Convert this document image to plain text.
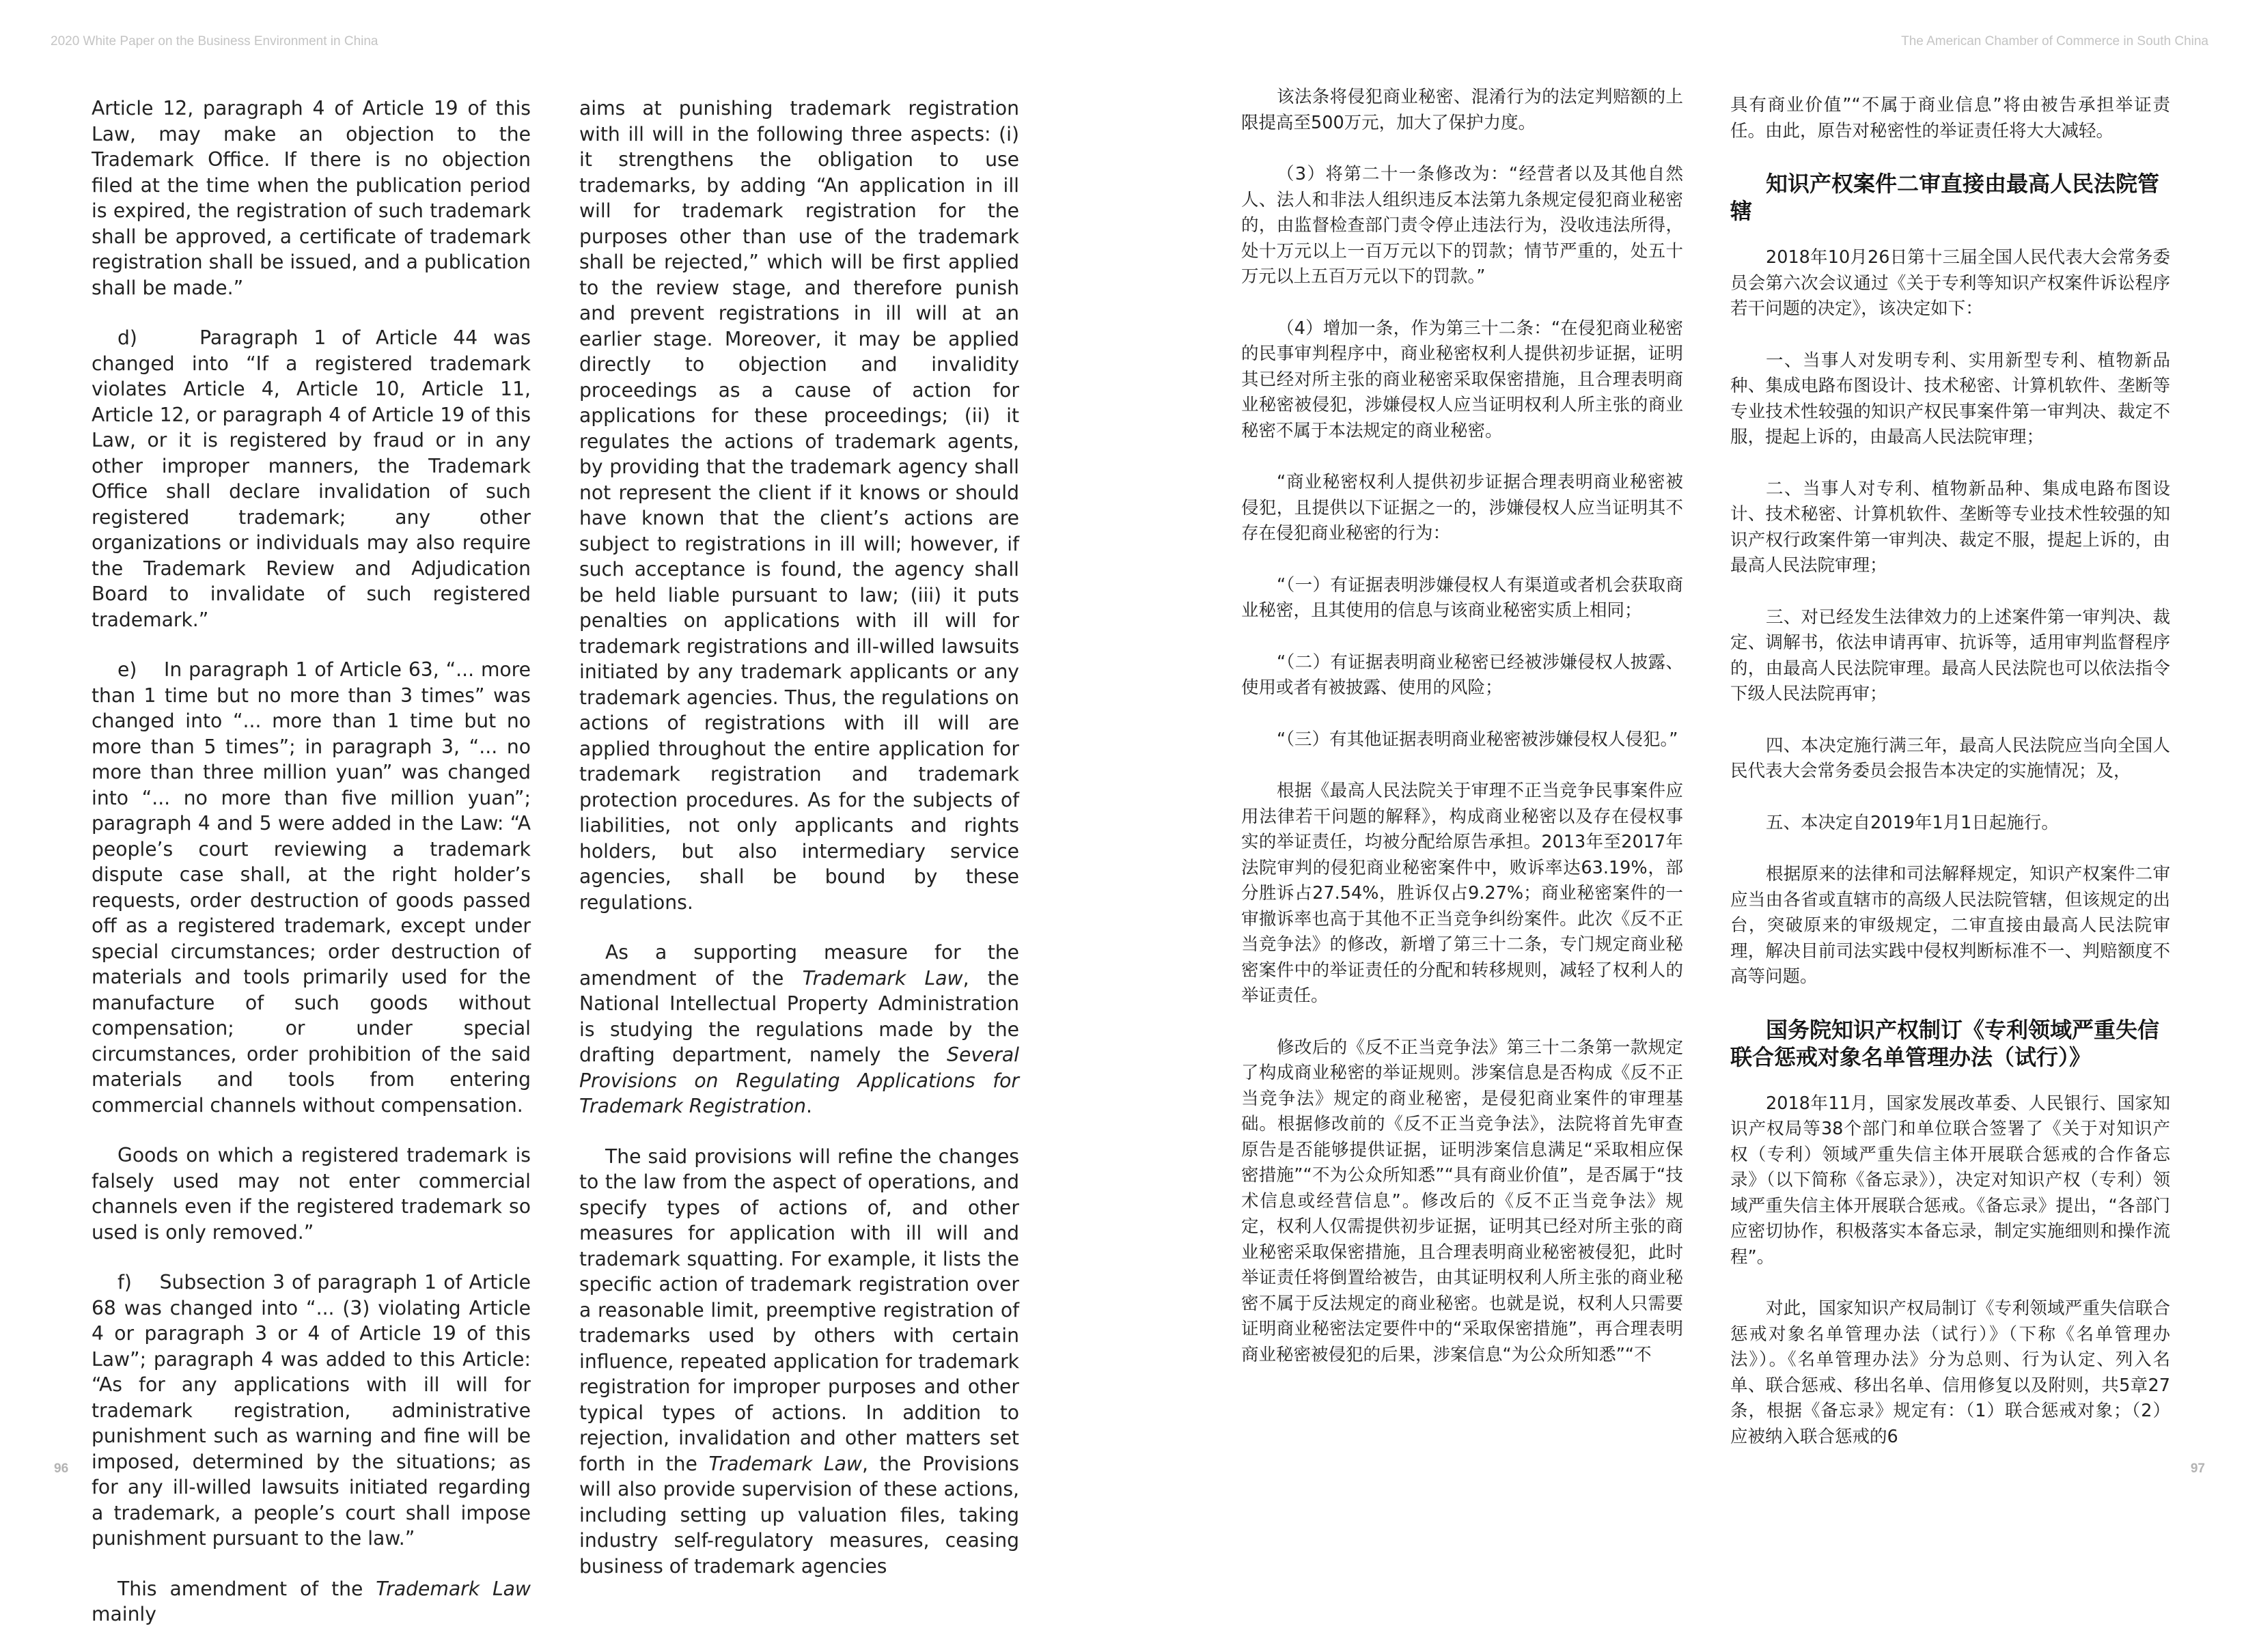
2020 White Paper on the Business Environment in China	The American Chamber of Commerce in South China

Article 12, paragraph 4 of Article 19 of this Law, may make an objection to the Trademark Office. If there is no objection filed at the time when the publication period is expired, the registration of such trademark shall be approved, a certificate of trademark registration shall be issued, and a publication shall be made.”

d)    Paragraph 1 of Article 44 was changed into “If a registered trademark violates Article 4, Article 10, Article 11, Article 12, or paragraph 4 of Article 19 of this Law, or it is registered by fraud or in any other improper manners, the Trademark Office shall declare invalidation of such registered trademark; any other organizations or individuals may also require the Trademark Review and Adjudication Board to invalidate of such registered trademark.”

e)    In paragraph 1 of Article 63, “... more than 1 time but no more than 3 times” was changed into “... more than 1 time but no more than 5 times”; in paragraph 3, “... no more than three million yuan” was changed into “... no more than five million yuan”; paragraph 4 and 5 were added in the Law: “A people’s court reviewing a trademark dispute case shall, at the right holder’s requests, order destruction of goods passed off as a registered trademark, except under special circumstances; order destruction of materials and tools primarily used for the manufacture of such goods without compensation; or under special circumstances, order prohibition of the said materials and tools from entering commercial channels without compensation.

Goods on which a registered trademark is falsely used may not enter commercial channels even if the registered trademark so used is only removed.”

f)    Subsection 3 of paragraph 1 of Article 68 was changed into “... (3) violating Article 4 or paragraph 3 or 4 of Article 19 of this Law”; paragraph 4 was added to this Article: “As for any applications with ill will for trademark registration, administrative punishment such as warning and fine will be imposed, determined by the situations; as for any ill-willed lawsuits initiated regarding a trademark, a people’s court shall impose punishment pursuant to the law.”

This amendment of the Trademark Law mainly

aims at punishing trademark registration with ill will in the following three aspects: (i) it strengthens the obligation to use trademarks, by adding “An application in ill will for trademark registration for the purposes other than use of the trademark shall be rejected,” which will be first applied to the review stage, and therefore punish and prevent registrations in ill will at an earlier stage. Moreover, it may be applied directly to objection and invalidity proceedings as a cause of action for applications for these proceedings; (ii) it regulates the actions of trademark agents, by providing that the trademark agency shall not represent the client if it knows or should have known that the client’s actions are subject to registrations in ill will; however, if such acceptance is found, the agency shall be held liable pursuant to law; (iii) it puts penalties on applications with ill will for trademark registrations and ill-willed lawsuits initiated by any trademark applicants or any trademark agencies. Thus, the regulations on actions of registrations with ill will are applied throughout the entire application for trademark registration and trademark protection procedures. As for the subjects of liabilities, not only applicants and rights holders, but also intermediary service agencies, shall be bound by these regulations.

As a supporting measure for the amendment of the Trademark Law, the National Intellectual Property Administration is studying the regulations made by the drafting department, namely the Several Provisions on Regulating Applications for Trademark Registration.

The said provisions will refine the changes to the law from the aspect of operations, and specify types of actions of, and other measures for application with ill will and trademark squatting. For example, it lists the specific action of trademark registration over a reasonable limit, preemptive registration of trademarks used by others with certain influence, repeated application for trademark registration for improper purposes and other typical types of actions. In addition to rejection, invalidation and other matters set forth in the Trademark Law, the Provisions will also provide supervision of these actions, including setting up valuation files, taking industry self-regulatory measures, ceasing business of trademark agencies

该法条将侵犯商业秘密、混淆行为的法定判赔额的上限提高至500万元，加大了保护力度。

（3）将第二十一条修改为：“经营者以及其他自然人、法人和非法人组织违反本法第九条规定侵犯商业秘密的，由监督检查部门责令停止违法行为，没收违法所得，处十万元以上一百万元以下的罚款；情节严重的，处五十万元以上五百万元以下的罚款。”

（4）增加一条，作为第三十二条：“在侵犯商业秘密的民事审判程序中，商业秘密权利人提供初步证据，证明其已经对所主张的商业秘密采取保密措施，且合理表明商业秘密被侵犯，涉嫌侵权人应当证明权利人所主张的商业秘密不属于本法规定的商业秘密。

“商业秘密权利人提供初步证据合理表明商业秘密被侵犯，且提供以下证据之一的，涉嫌侵权人应当证明其不存在侵犯商业秘密的行为：

“（一）有证据表明涉嫌侵权人有渠道或者机会获取商业秘密，且其使用的信息与该商业秘密实质上相同；

“（二）有证据表明商业秘密已经被涉嫌侵权人披露、使用或者有被披露、使用的风险；

“（三）有其他证据表明商业秘密被涉嫌侵权人侵犯。”

根据《最高人民法院关于审理不正当竞争民事案件应用法律若干问题的解释》，构成商业秘密以及存在侵权事实的举证责任，均被分配给原告承担。2013年至2017年法院审判的侵犯商业秘密案件中，败诉率达63.19%，部分胜诉占27.54%，胜诉仅占9.27%；商业秘密案件的一审撤诉率也高于其他不正当竞争纠纷案件。此次《反不正当竞争法》的修改，新增了第三十二条，专门规定商业秘密案件中的举证责任的分配和转移规则，减轻了权利人的举证责任。

修改后的《反不正当竞争法》第三十二条第一款规定了构成商业秘密的举证规则。涉案信息是否构成《反不正当竞争法》规定的商业秘密，是侵犯商业案件的审理基础。根据修改前的《反不正当竞争法》，法院将首先审查原告是否能够提供证据，证明涉案信息满足“采取相应保密措施”“不为公众所知悉”“具有商业价值”，是否属于“技术信息或经营信息”。修改后的《反不正当竞争法》规定，权利人仅需提供初步证据，证明其已经对所主张的商业秘密采取保密措施，且合理表明商业秘密被侵犯，此时举证责任将倒置给被告，由其证明权利人所主张的商业秘密不属于反法规定的商业秘密。也就是说，权利人只需要证明商业秘密法定要件中的“采取保密措施”，再合理表明商业秘密被侵犯的后果，涉案信息“为公众所知悉”“不

具有商业价值”“不属于商业信息”将由被告承担举证责任。由此，原告对秘密性的举证责任将大大减轻。

知识产权案件二审直接由最高人民法院管辖

2018年10月26日第十三届全国人民代表大会常务委员会第六次会议通过《关于专利等知识产权案件诉讼程序若干问题的决定》，该决定如下：

一、当事人对发明专利、实用新型专利、植物新品种、集成电路布图设计、技术秘密、计算机软件、垄断等专业技术性较强的知识产权民事案件第一审判决、裁定不服，提起上诉的，由最高人民法院审理；

二、当事人对专利、植物新品种、集成电路布图设计、技术秘密、计算机软件、垄断等专业技术性较强的知识产权行政案件第一审判决、裁定不服，提起上诉的，由最高人民法院审理；

三、对已经发生法律效力的上述案件第一审判决、裁定、调解书，依法申请再审、抗诉等，适用审判监督程序的，由最高人民法院审理。最高人民法院也可以依法指令下级人民法院再审；

四、本决定施行满三年，最高人民法院应当向全国人民代表大会常务委员会报告本决定的实施情况；及，

五、本决定自2019年1月1日起施行。

根据原来的法律和司法解释规定，知识产权案件二审应当由各省或直辖市的高级人民法院管辖，但该规定的出台，突破原来的审级规定，二审直接由最高人民法院审理，解决目前司法实践中侵权判断标准不一、判赔额度不高等问题。

国务院知识产权制订《专利领域严重失信联合惩戒对象名单管理办法（试行）》

2018年11月，国家发展改革委、人民银行、国家知识产权局等38个部门和单位联合签署了《关于对知识产权（专利）领域严重失信主体开展联合惩戒的合作备忘录》（以下简称《备忘录》），决定对知识产权（专利）领域严重失信主体开展联合惩戒。《备忘录》提出，“各部门应密切协作，积极落实本备忘录，制定实施细则和操作流程”。

对此，国家知识产权局制订《专利领域严重失信联合惩戒对象名单管理办法（试行）》（下称《名单管理办法》）。《名单管理办法》分为总则、行为认定、列入名单、联合惩戒、移出名单、信用修复以及附则，共5章27条，根据《备忘录》规定有：（1）联合惩戒对象；（2）应被纳入联合惩戒的6

96	97
